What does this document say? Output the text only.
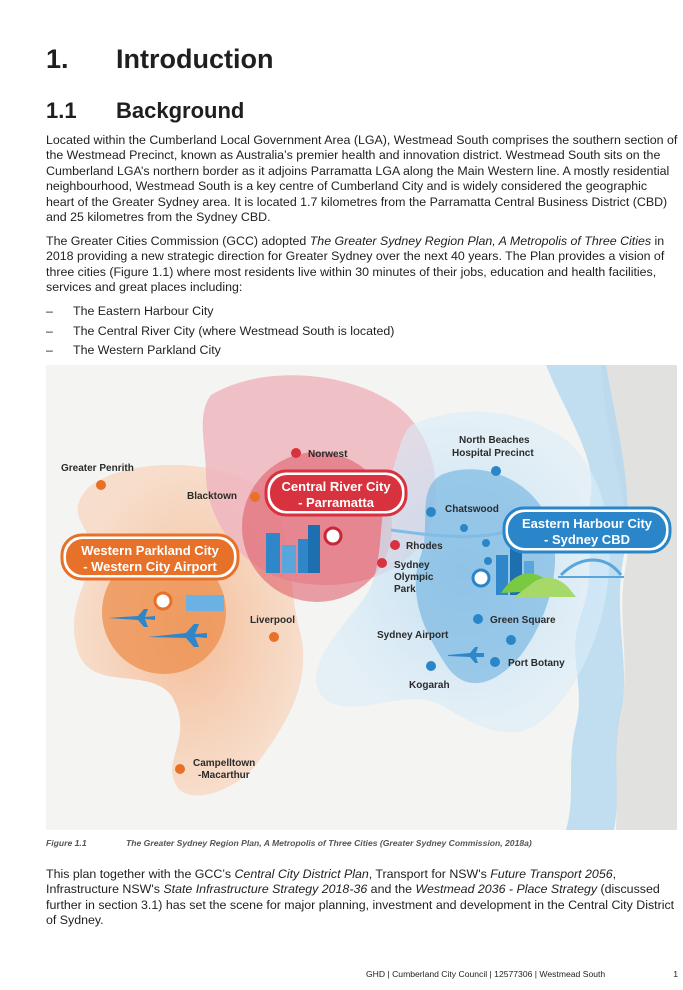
1.	Introduction
1.1	Background

Located within the Cumberland Local Government Area (LGA), Westmead South comprises the southern section of the Westmead Precinct, known as Australia’s premier health and innovation district. Westmead South sits on the Cumberland LGA’s northern border as it adjoins Parramatta LGA along the Main Western line. A mostly residential neighbourhood, Westmead South is a key centre of Cumberland City and is widely considered the geographic heart of the Greater Sydney area. It is located 1.7 kilometres from the Parramatta Central Business District (CBD) and 25 kilometres from the Sydney CBD.

The Greater Cities Commission (GCC) adopted The Greater Sydney Region Plan, A Metropolis of Three Cities in 2018 providing a new strategic direction for Greater Sydney over the next 40 years. The Plan provides a vision of three cities (Figure 1.1) where most residents live within 30 minutes of their jobs, education and health facilities, services and great places including:

–	The Eastern Harbour City
–	The Central River City (where Westmead South is located)
–	The Western Parkland City
Central River City
- Parramatta
Western Parkland City
- Western City Airport
Eastern Harbour City
- Sydney CBD
Norwest
North Beaches
Hospital Precinct
Greater Penrith
Blacktown
Chatswood
Rhodes
Sydney
Olympic
Park
Liverpool	Green Square
Sydney Airport
Port Botany
Kogarah
Campelltown
-Macarthur
Figure 1.1	The Greater Sydney Region Plan, A Metropolis of Three Cities (Greater Sydney Commission, 2018a)

This plan together with the GCC’s Central City District Plan, Transport for NSW's Future Transport 2056, Infrastructure NSW's State Infrastructure Strategy 2018-36 and the Westmead 2036 - Place Strategy (discussed further in section 3.1) has set the scene for major planning, investment and development in the Central City District of Sydney.

GHD | Cumberland City Council | 12577306 | Westmead South	1
